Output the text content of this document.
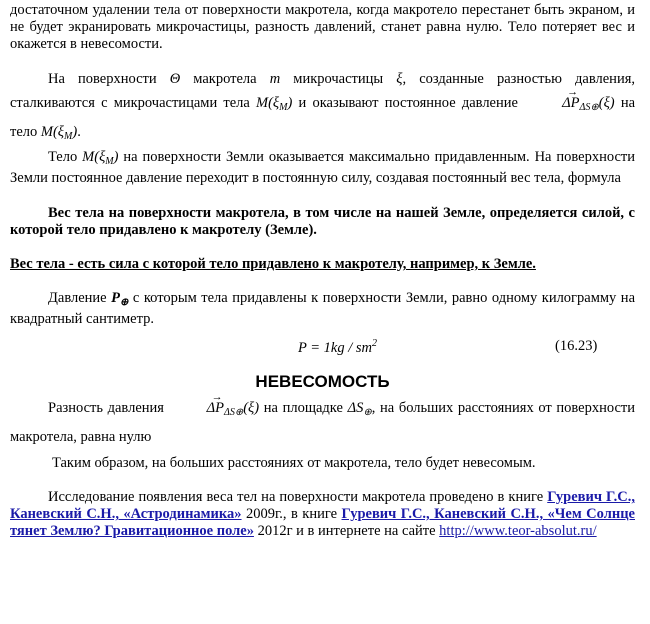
достаточном удалении тела от поверхности макротела, когда макротело перестанет быть экраном, и не будет экранировать микрочастицы, разность давлений, станет равна нулю. Тело потеряет вес и окажется в невесомости.

На поверхности Θ макротела m микрочастицы ξ, созданные разностью давления, сталкиваются с микрочастицами тела $M(\xi_M)$ и оказывают постоянное давление	→ $\Delta P_{\Delta S\oplus}(\xi)$ на тело $M(\xi_M)$.

Тело $M(\xi_M)$ на поверхности Земли оказывается максимально придавленным. На поверхности Земли постоянное давление переходит в постоянную силу, создавая постоянный вес тела, формула

Вес тела на поверхности макротела, в том числе на нашей Земле, определяется силой, с которой тело придавлено к макротелу (Земле).

Вес тела - есть сила с которой тело придавлено к макротелу, например, к Земле.

Давление $P_\oplus$ с которым тела придавлены к поверхности Земли, равно одному килограмму на квадратный сантиметр.

$P = 1kg / sm^2$	(16.23)

НЕВЕСОМОСТЬ

Разность давления	→ $\Delta P_{\Delta S\oplus}(\xi)$ на площадке $\Delta S_\oplus$, на больших расстояниях от поверхности макротела, равна нулю

Таким образом, на больших расстояниях от макротела, тело будет невесомым.

Исследование появления веса тел на поверхности макротела проведено в книге Гуревич Г.С., Каневский С.Н., «Астродинамика» 2009г., в книге Гуревич Г.С., Каневский С.Н., «Чем Солнце тянет Землю? Гравитационное поле» 2012г и в интернете на сайте http://www.teor-absolut.ru/
